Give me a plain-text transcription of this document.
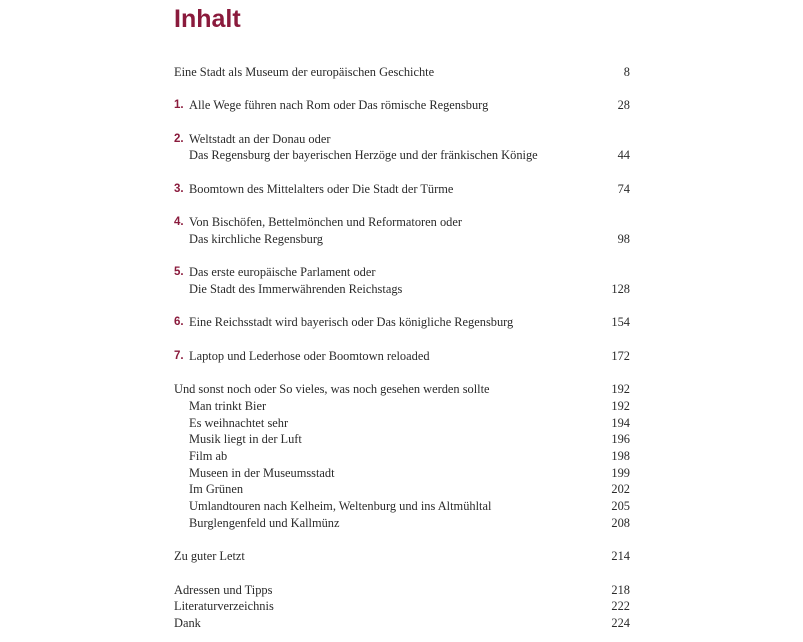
Inhalt
Eine Stadt als Museum der europäischen Geschichte	8
1. Alle Wege führen nach Rom oder Das römische Regensburg	28
2. Weltstadt an der Donau oder
Das Regensburg der bayerischen Herzöge und der fränkischen Könige	44
3. Boomtown des Mittelalters oder Die Stadt der Türme	74
4. Von Bischöfen, Bettelmönchen und Reformatoren oder
Das kirchliche Regensburg	98
5. Das erste europäische Parlament oder
Die Stadt des Immerwährenden Reichstags	128
6. Eine Reichsstadt wird bayerisch oder Das königliche Regensburg	154
7. Laptop und Lederhose oder Boomtown reloaded	172
Und sonst noch oder So vieles, was noch gesehen werden sollte	192
Man trinkt Bier	192
Es weihnachtet sehr	194
Musik liegt in der Luft	196
Film ab	198
Museen in der Museumsstadt	199
Im Grünen	202
Umlandtouren nach Kelheim, Weltenburg und ins Altmühltal	205
Burglengenfeld und Kallmünz	208
Zu guter Letzt	214
Adressen und Tipps	218
Literaturverzeichnis	222
Dank	224
